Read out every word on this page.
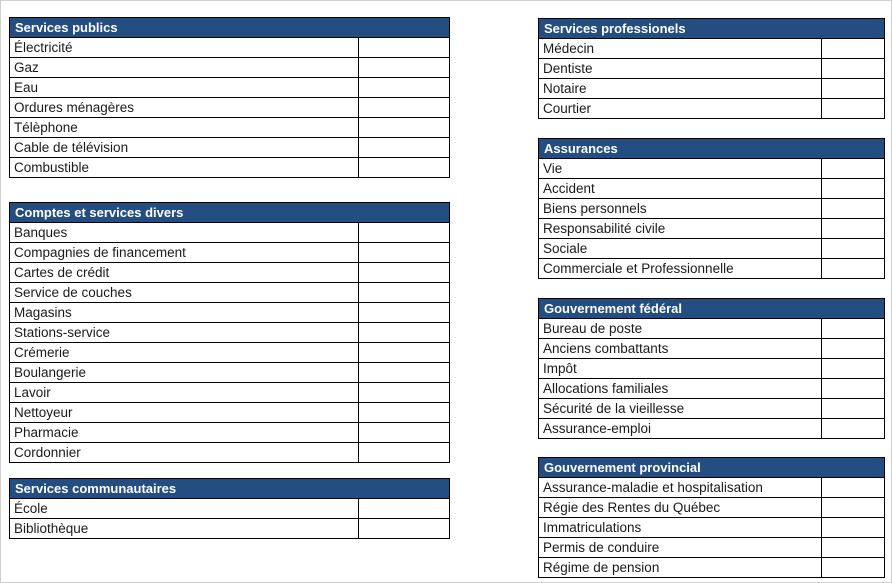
Services publics	
Électricité	
Gaz	
Eau	
Ordures ménagères	
Télèphone	
Cable de télévision	
Combustible	
Comptes et services divers	
Banques	
Compagnies de financement	
Cartes de crédit	
Service de couches	
Magasins	
Stations-service	
Crémerie	
Boulangerie	
Lavoir	
Nettoyeur	
Pharmacie	
Cordonnier	
Services communautaires	
École	
Bibliothèque	
Services professionels	
Médecin	
Dentiste	
Notaire	
Courtier	
Assurances	
Vie	
Accident	
Biens personnels	
Responsabilité civile	
Sociale	
Commerciale et Professionnelle	
Gouvernement fédéral	
Bureau de poste	
Anciens combattants	
Impôt	
Allocations familiales	
Sécurité de la vieillesse	
Assurance-emploi	
Gouvernement provincial	
Assurance-maladie et hospitalisation	
Régie des Rentes du Québec	
Immatriculations	
Permis de conduire	
Régime de pension	
